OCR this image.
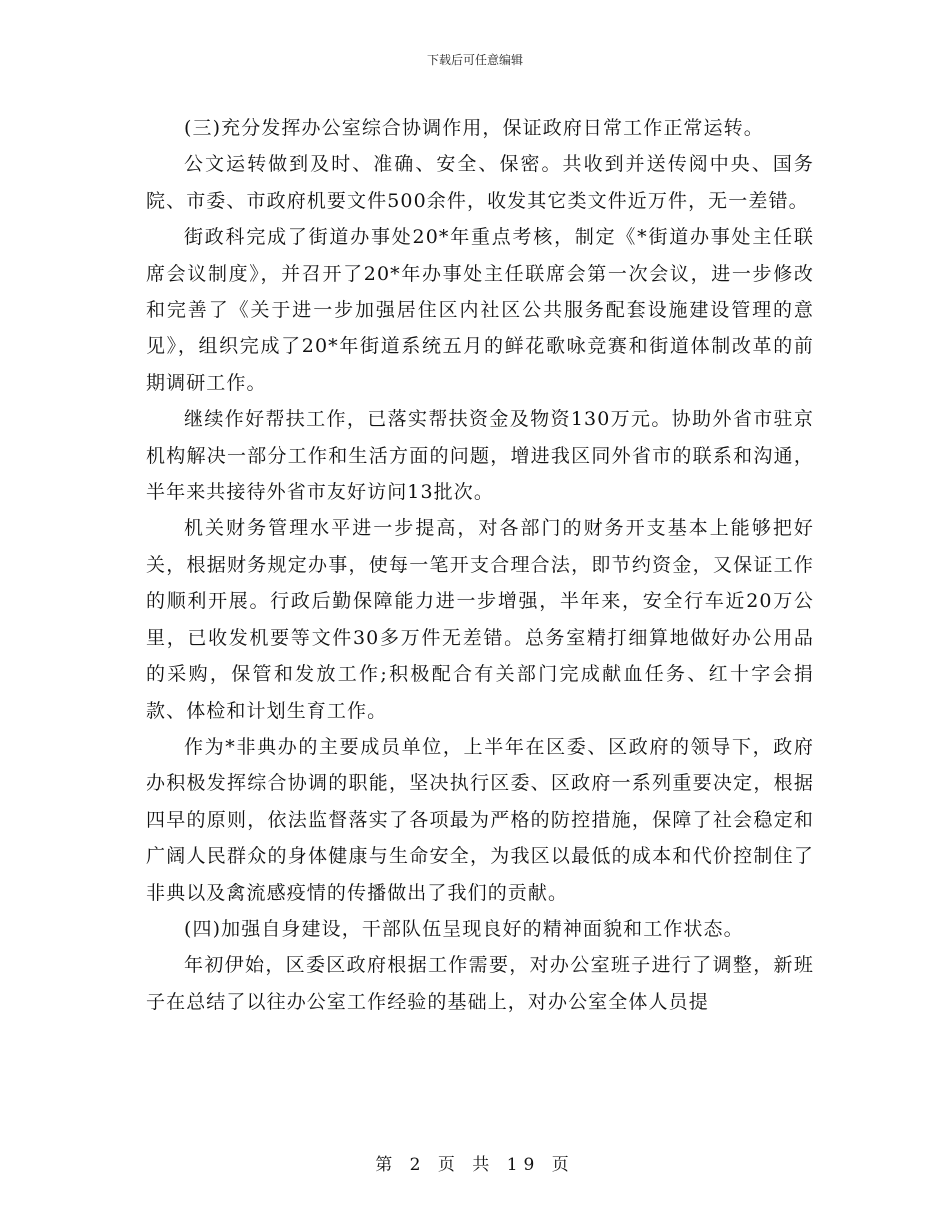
下载后可任意编辑

(三)充分发挥办公室综合协调作用，保证政府日常工作正常运转。

公文运转做到及时、准确、安全、保密。共收到并送传阅中央、国务院、市委、市政府机要文件500余件，收发其它类文件近万件，无一差错。

街政科完成了街道办事处20*年重点考核，制定《*街道办事处主任联席会议制度》，并召开了20*年办事处主任联席会第一次会议，进一步修改和完善了《关于进一步加强居住区内社区公共服务配套设施建设管理的意见》，组织完成了20*年街道系统五月的鲜花歌咏竞赛和街道体制改革的前期调研工作。

继续作好帮扶工作，已落实帮扶资金及物资130万元。协助外省市驻京机构解决一部分工作和生活方面的问题，增进我区同外省市的联系和沟通，半年来共接待外省市友好访问13批次。

机关财务管理水平进一步提高，对各部门的财务开支基本上能够把好关，根据财务规定办事，使每一笔开支合理合法，即节约资金，又保证工作的顺利开展。行政后勤保障能力进一步增强，半年来，安全行车近20万公里，已收发机要等文件30多万件无差错。总务室精打细算地做好办公用品的采购，保管和发放工作;积极配合有关部门完成献血任务、红十字会捐款、体检和计划生育工作。

作为*非典办的主要成员单位，上半年在区委、区政府的领导下，政府办积极发挥综合协调的职能，坚决执行区委、区政府一系列重要决定，根据四早的原则，依法监督落实了各项最为严格的防控措施，保障了社会稳定和广阔人民群众的身体健康与生命安全，为我区以最低的成本和代价控制住了非典以及禽流感疫情的传播做出了我们的贡献。

(四)加强自身建设，干部队伍呈现良好的精神面貌和工作状态。

年初伊始，区委区政府根据工作需要，对办公室班子进行了调整，新班子在总结了以往办公室工作经验的基础上，对办公室全体人员提

第 2 页 共 19 页
